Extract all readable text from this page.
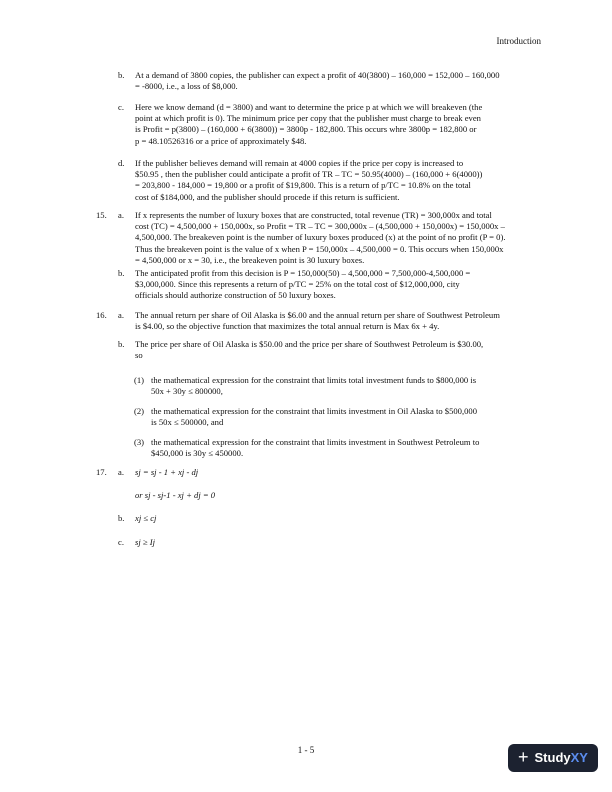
Introduction
b. At a demand of 3800 copies, the publisher can expect a profit of 40(3800) – 160,000 = 152,000 – 160,000

= -8000, i.e., a loss of $8,000.

c. Here we know demand (d = 3800) and want to determine the price p at which we will breakeven (the

point at which profit is 0). The minimum price per copy that the publisher must charge to break even

is Profit = p(3800) – (160,000 + 6(3800)) = 3800p - 182,800. This occurs whre 3800p = 182,800 or

p = 48.10526316 or a price of approximately $48.

d. If the publisher believes demand will remain at 4000 copies if the price per copy is increased to

$50.95 , then the publisher could anticipate a profit of TR – TC = 50.95(4000) – (160,000 + 6(4000))

= 203,800 - 184,000 = 19,800 or a profit of $19,800. This is a return of p/TC = 10.8% on the total

cost of $184,000, and the publisher should procede if this return is sufficient.

15. a. If x represents the number of luxury boxes that are constructed, total revenue (TR) = 300,000x and total

cost (TC) = 4,500,000 + 150,000x, so Profit = TR – TC = 300,000x – (4,500,000 + 150,000x) = 150,000x –

4,500,000. The breakeven point is the number of luxury boxes produced (x) at the point of no profit (P = 0).

Thus the breakeven point is the value of x when P = 150,000x – 4,500,000 = 0. This occurs when 150,000x

= 4,500,000 or x = 30, i.e., the breakeven point is 30 luxury boxes.

b. The anticipated profit from this decision is P = 150,000(50) – 4,500,000 = 7,500,000-4,500,000 =

$3,000,000. Since this represents a return of p/TC = 25% on the total cost of $12,000,000, city

officials should authorize construction of 50 luxury boxes.

16. a. The annual return per share of Oil Alaska is $6.00 and the annual return per share of Southwest Petroleum

is $4.00, so the objective function that maximizes the total annual return is Max 6x + 4y.

b. The price per share of Oil Alaska is $50.00 and the price per share of Southwest Petroleum is $30.00,

so

(1) the mathematical expression for the constraint that limits total investment funds to $800,000 is

50x + 30y ≤ 800000,

(2) the mathematical expression for the constraint that limits investment in Oil Alaska to $500,000

is 50x ≤ 500000, and

(3) the mathematical expression for the constraint that limits investment in Southwest Petroleum to

$450,000 is 30y ≤ 450000.

17. a. sj = sj - 1 + xj - dj
or sj - sj-1 - xj + dj = 0
b. xj ≤ cj
c. sj ≥ Ij
1 - 5	+ StudyXY
